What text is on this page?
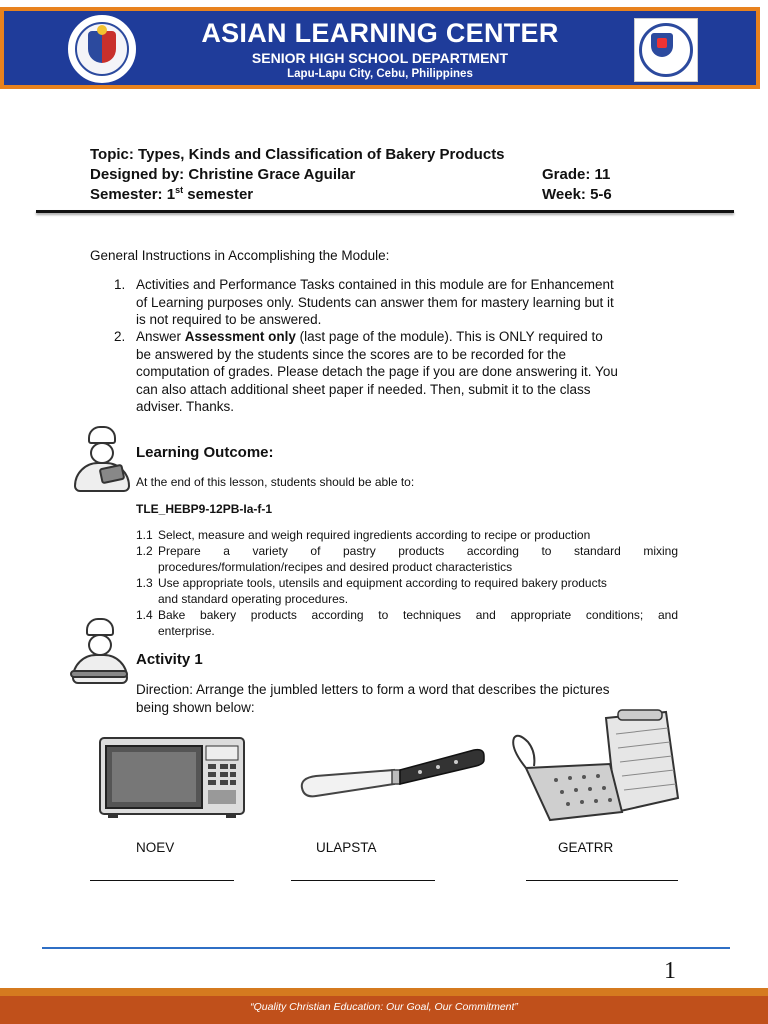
ASIAN LEARNING CENTER
SENIOR HIGH SCHOOL DEPARTMENT
Lapu-Lapu City, Cebu, Philippines
Topic: Types, Kinds and Classification of Bakery Products
Designed by: Christine Grace Aguilar	Grade: 11
Semester: 1st semester	Week: 5-6
General Instructions in Accomplishing the Module:
1. Activities and Performance Tasks contained in this module are for Enhancement
of Learning purposes only. Students can answer them for mastery learning but it
is not required to be answered.
2. Answer Assessment only (last page of the module). This is ONLY required to
be answered by the students since the scores are to be recorded for the
computation of grades. Please detach the page if you are done answering it. You
can also attach additional sheet paper if needed. Then, submit it to the class
adviser. Thanks.
Learning Outcome:
At the end of this lesson, students should be able to:
TLE_HEBP9-12PB-Ia-f-1
1.1 Select, measure and weigh required ingredients according to recipe or production
1.2 Prepare a variety of pastry products according to standard mixing
procedures/formulation/recipes and desired product characteristics
1.3 Use appropriate tools, utensils and equipment according to required bakery products
and standard operating procedures.
1.4 Bake bakery products according to techniques and appropriate conditions; and
enterprise.
Activity 1
Direction: Arrange the jumbled letters to form a word that describes the pictures
being shown below:
NOEV	ULAPSTA	GEATRR
1
“Quality Christian Education: Our Goal, Our Commitment”
